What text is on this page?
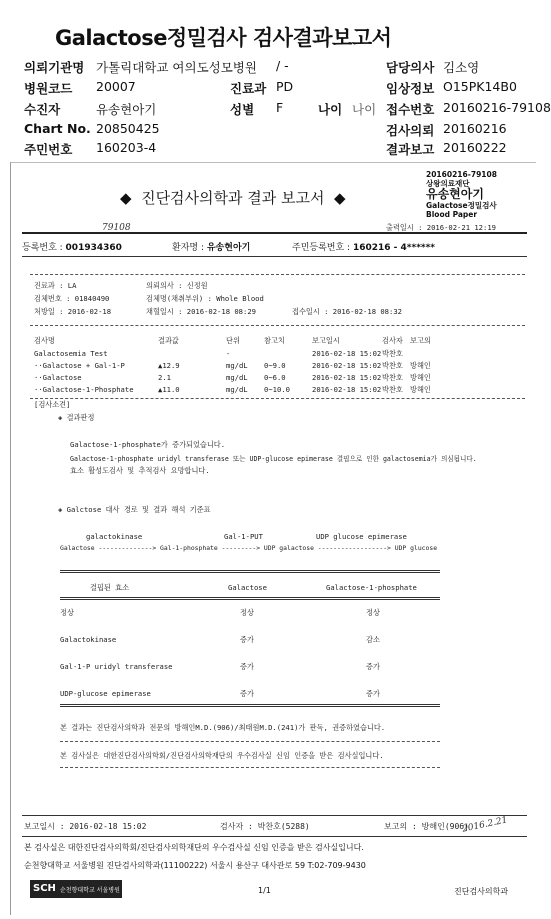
Galactose정밀검사 검사결과보고서
의뢰기관명 가톨릭대학교 여의도성모병원 / -	담당의사 김소영
병원코드 20007	진료과 PD	임상정보 O15PK14B0
수진자	유송현아기	성별 F	나이 나이 접수번호 20160216-79108
Chart No. 20850425	검사의뢰 20160216
주민번호 160203-4	결과보고 20160222
20160216-79108
상왕의료재단
유송현아기
Galactose정밀검사
Blood Paper
◆  진단검사의학과 결과 보고서  ◆
79108	출력일시 : 2016-02-21 12:19
등록번호 : 001934360	환자명 : 유송현아기	주민등록번호 : 160216 - 4******
진료과 : LA	의뢰의사 : 신정원
검체번호 : 01840490	검체명(채취부위) : Whole Blood
처방일 : 2016-02-18	채혈일시 : 2016-02-18 08:29	접수일시 : 2016-02-18 08:32
검사명	결과값	단위	참고치	보고일시	검사자 보고의
Galactosemia Test	-	2016-02-18 15:02 박찬호
··Galactose + Gal-1-P	▲12.9	mg/dL 0~9.0	2016-02-18 15:02 박찬호 방해인
··Galactose	2.1	mg/dL 0~6.0	2016-02-18 15:02 박찬호 방해인
··Galactose-1-Phosphate	▲11.0	mg/dL 0~10.0	2016-02-18 15:02 박찬호 방해인
[검사소견]
◈ 결과판정
Galactose-1-phosphate가 증가되었습니다.
Galactose-1-phosphate uridyl transferase 또는 UDP-glucose epimerase 결핍으로 인한 galactosemia가 의심됩니다.
효소 활성도검사 및 추적검사 요망합니다.
◈ Galctose 대사 경로 및 결과 해석 기준표
galactokinase	Gal-1-PUT	UDP glucose epimerase
Galactose --------------> Gal-1-phosphate ---------> UDP galactose ------------------> UDP glucose
결핍된 효소	Galactose	Galactose-1-phosphate
정상	정상	정상
Galactokinase	증가	감소
Gal-1-P uridyl transferase	증가	증가
UDP-glucose epimerase	증가	증가
본 결과는 진단검사의학과 전문의 방해인M.D.(906)/최태원M.D.(241)가 판독, 권증하였습니다.
본 검사실은 대한진단검사의학회/진단검사의학재단의 우수검사실 신임 인증을 받은 검사실입니다.
보고일시 : 2016-02-18 15:02	검사자 : 박찬호(5288)	보고의 : 방해인(906)
2016.2.21
본 검사실은 대한진단검사의학회/진단검사의학재단의 우수검사실 신임 인증을 받은 검사실입니다.
순천향대학교 서울병원 진단검사의학과(11100222) 서울시 용산구 대사관로 59 T:02-709-9430
SCH 순천향대학교 서울병원	1/1	진단검사의학과
